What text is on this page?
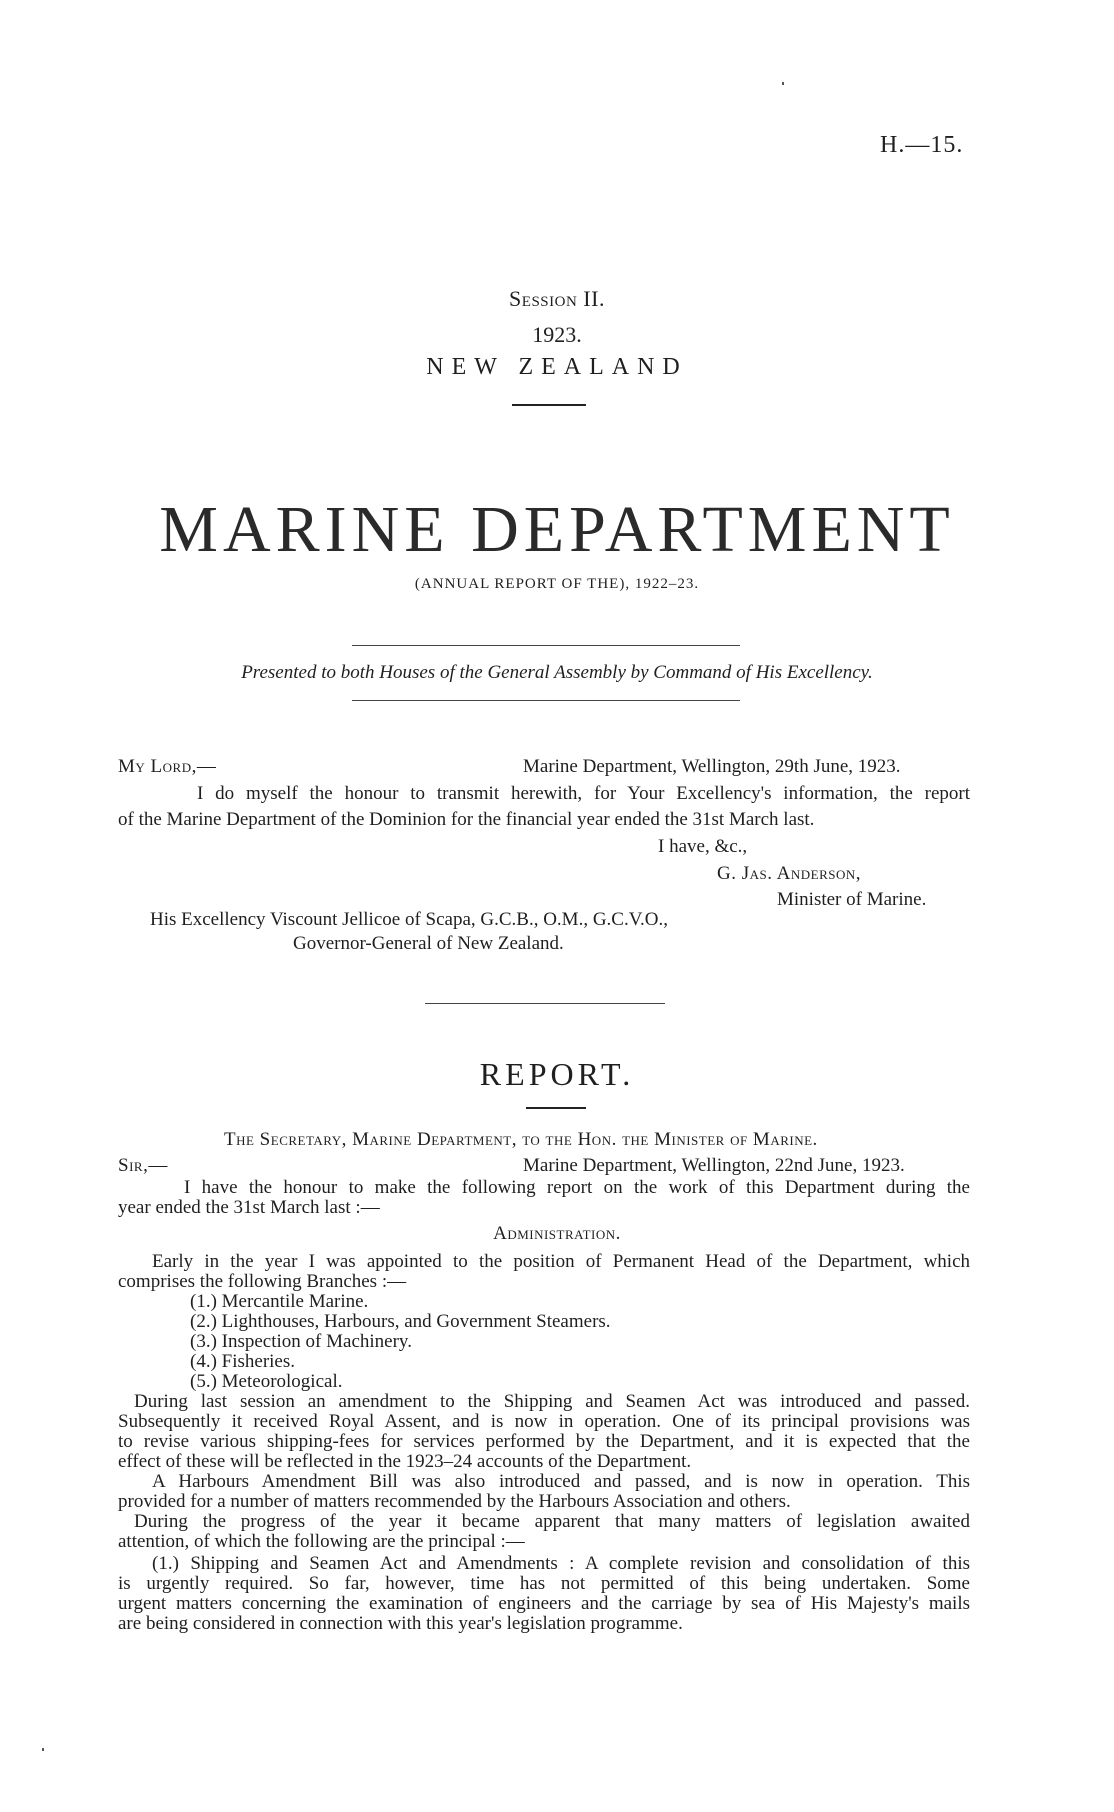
H.—15.
Session II.
1923.
NEW ZEALAND
MARINE DEPARTMENT
(ANNUAL REPORT OF THE), 1922–23.
Presented to both Houses of the General Assembly by Command of His Excellency.
My Lord,—	Marine Department, Wellington, 29th June, 1923.
I do myself the honour to transmit herewith, for Your Excellency's information, the report
of the Marine Department of the Dominion for the financial year ended the 31st March last.
I have, &c.,
G. Jas. Anderson,
Minister of Marine.
His Excellency Viscount Jellicoe of Scapa, G.C.B., O.M., G.C.V.O.,
Governor-General of New Zealand.
REPORT.
The Secretary, Marine Department, to the Hon. the Minister of Marine.
Sir,—	Marine Department, Wellington, 22nd June, 1923.
I have the honour to make the following report on the work of this Department during the
year ended the 31st March last :—
Administration.
Early in the year I was appointed to the position of Permanent Head of the Department, which
comprises the following Branches :—
(1.) Mercantile Marine.
(2.) Lighthouses, Harbours, and Government Steamers.
(3.) Inspection of Machinery.
(4.) Fisheries.
(5.) Meteorological.
During last session an amendment to the Shipping and Seamen Act was introduced and passed.
Subsequently it received Royal Assent, and is now in operation. One of its principal provisions was
to revise various shipping-fees for services performed by the Department, and it is expected that the
effect of these will be reflected in the 1923–24 accounts of the Department.
A Harbours Amendment Bill was also introduced and passed, and is now in operation. This
provided for a number of matters recommended by the Harbours Association and others.
During the progress of the year it became apparent that many matters of legislation awaited
attention, of which the following are the principal :—
(1.) Shipping and Seamen Act and Amendments : A complete revision and consolidation of this
is urgently required. So far, however, time has not permitted of this being undertaken. Some
urgent matters concerning the examination of engineers and the carriage by sea of His Majesty's mails
are being considered in connection with this year's legislation programme.
